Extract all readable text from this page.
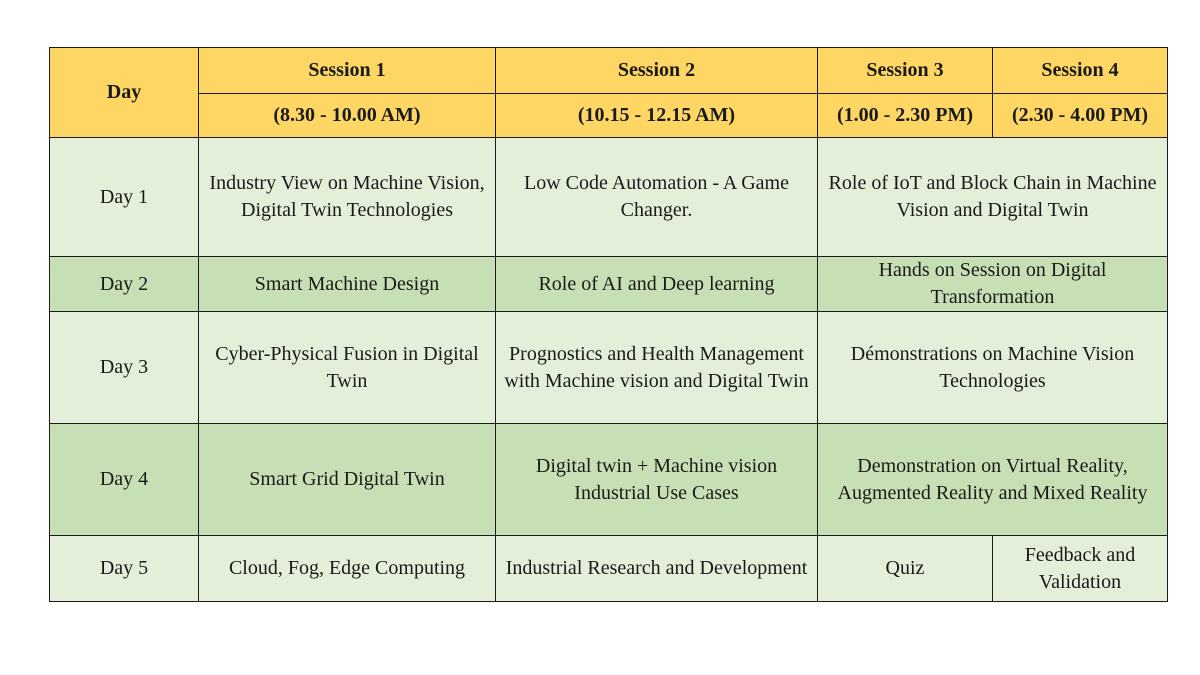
Day	Session 1	Session 2	Session 3	Session 4
	(8.30 - 10.00 AM)	(10.15 - 12.15 AM)	(1.00 - 2.30 PM)	(2.30 - 4.00 PM)
Day 1	Industry View on Machine Vision, Digital Twin Technologies	Low Code Automation - A Game Changer.	Role of IoT and Block Chain in Machine Vision and Digital Twin	
Day 2	Smart Machine Design	Role of AI and Deep learning	Hands on Session on Digital Transformation	
Day 3	Cyber-Physical Fusion in Digital Twin	Prognostics and Health Management with Machine vision and Digital Twin	Démonstrations on Machine Vision Technologies	
Day 4	Smart Grid Digital Twin	Digital twin + Machine vision Industrial Use Cases	Demonstration on Virtual Reality, Augmented Reality and Mixed Reality	
Day 5	Cloud, Fog, Edge Computing	Industrial Research and Development	Quiz	Feedback and Validation
